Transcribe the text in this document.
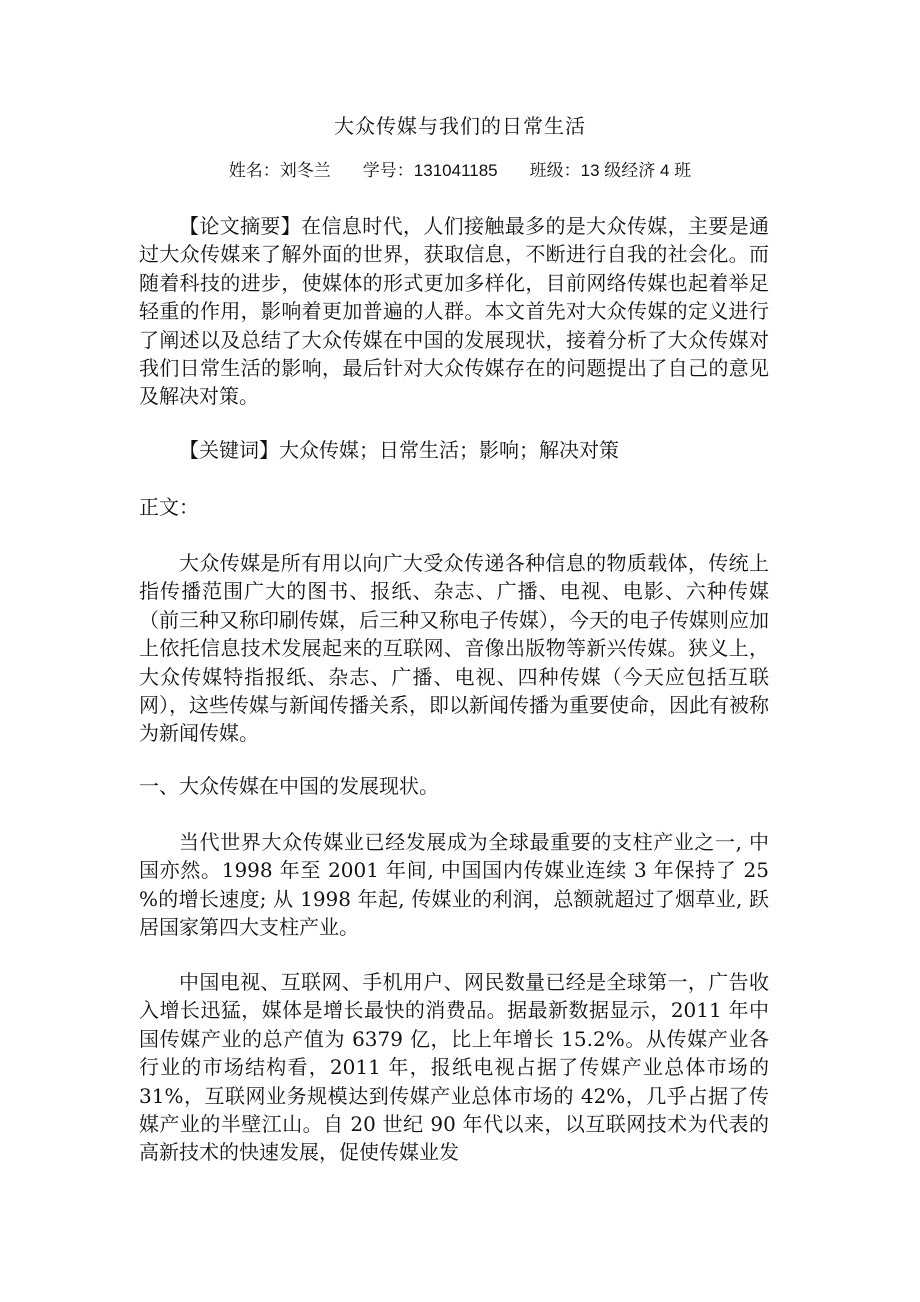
大众传媒与我们的日常生活
姓名：刘冬兰 学号：131041185 班级：13 级经济 4 班

【论文摘要】在信息时代，人们接触最多的是大众传媒，主要是通过大众传媒来了解外面的世界，获取信息，不断进行自我的社会化。而随着科技的进步，使媒体的形式更加多样化，目前网络传媒也起着举足轻重的作用，影响着更加普遍的人群。本文首先对大众传媒的定义进行了阐述以及总结了大众传媒在中国的发展现状，接着分析了大众传媒对我们日常生活的影响，最后针对大众传媒存在的问题提出了自己的意见及解决对策。

【关键词】大众传媒；日常生活；影响；解决对策

正文：

大众传媒是所有用以向广大受众传递各种信息的物质载体，传统上指传播范围广大的图书、报纸、杂志、广播、电视、电影、六种传媒（前三种又称印刷传媒，后三种又称电子传媒），今天的电子传媒则应加上依托信息技术发展起来的互联网、音像出版物等新兴传媒。狭义上，大众传媒特指报纸、杂志、广播、电视、四种传媒（今天应包括互联网），这些传媒与新闻传播关系，即以新闻传播为重要使命，因此有被称为新闻传媒。

一、大众传媒在中国的发展现状。

当代世界大众传媒业已经发展成为全球最重要的支柱产业之一, 中国亦然。1998 年至 2001 年间, 中国国内传媒业连续 3 年保持了 25 %的增长速度; 从 1998 年起, 传媒业的利润，总额就超过了烟草业, 跃居国家第四大支柱产业。

中国电视、互联网、手机用户、网民数量已经是全球第一，广告收入增长迅猛，媒体是增长最快的消费品。据最新数据显示，2011 年中国传媒产业的总产值为 6379 亿，比上年增长 15.2%。从传媒产业各行业的市场结构看，2011 年，报纸电视占据了传媒产业总体市场的 31%，互联网业务规模达到传媒产业总体市场的 42%，几乎占据了传媒产业的半壁江山。自 20 世纪 90 年代以来，以互联网技术为代表的高新技术的快速发展，促使传媒业发
